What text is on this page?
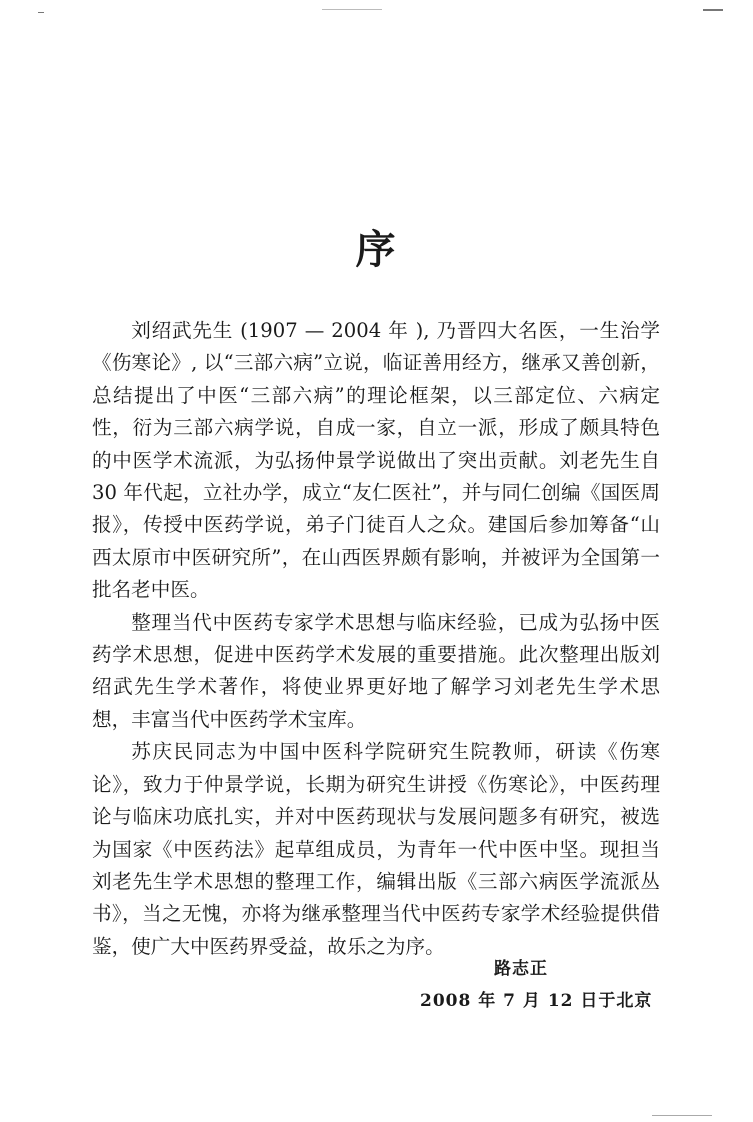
序

刘绍武先生 (1907 — 2004 年 ), 乃晋四大名医，一生治学《伤寒论》, 以“三部六病”立说，临证善用经方，继承又善创新，总结提出了中医“三部六病”的理论框架，以三部定位、六病定性，衍为三部六病学说，自成一家，自立一派，形成了颇具特色的中医学术流派，为弘扬仲景学说做出了突出贡献。刘老先生自 30 年代起，立社办学，成立“友仁医社”，并与同仁创编《国医周报》，传授中医药学说，弟子门徒百人之众。建国后参加筹备“山西太原市中医研究所”，在山西医界颇有影响，并被评为全国第一批名老中医。

整理当代中医药专家学术思想与临床经验，已成为弘扬中医药学术思想，促进中医药学术发展的重要措施。此次整理出版刘绍武先生学术著作，将使业界更好地了解学习刘老先生学术思想，丰富当代中医药学术宝库。

苏庆民同志为中国中医科学院研究生院教师，研读《伤寒论》，致力于仲景学说，长期为研究生讲授《伤寒论》，中医药理论与临床功底扎实，并对中医药现状与发展问题多有研究，被选为国家《中医药法》起草组成员，为青年一代中医中坚。现担当刘老先生学术思想的整理工作，编辑出版《三部六病医学流派丛书》，当之无愧，亦将为继承整理当代中医药专家学术经验提供借鉴，使广大中医药界受益，故乐之为序。

路志正
2008 年 7 月 12 日于北京
